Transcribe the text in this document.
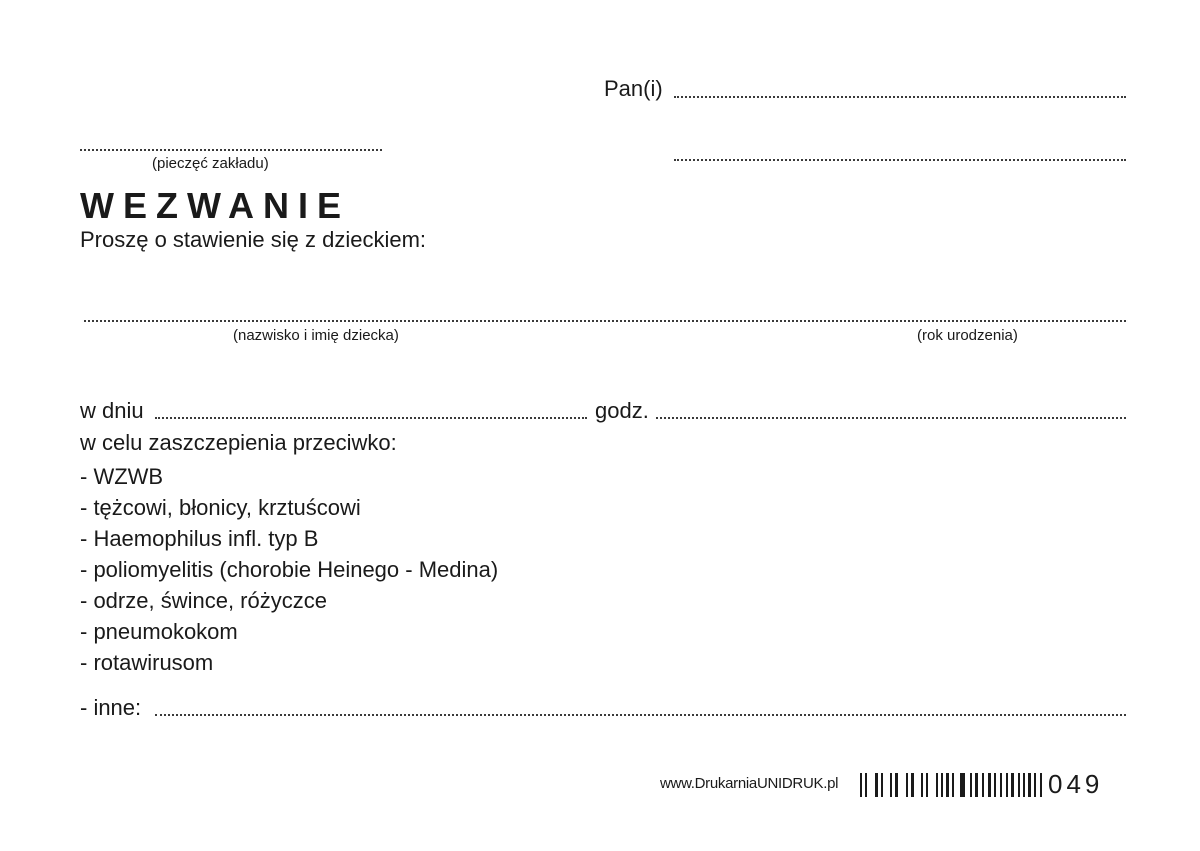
Pan(i)
(pieczęć zakładu)
WEZWANIE
Proszę o stawienie się z dzieckiem:
(nazwisko i imię dziecka)	(rok urodzenia)
w dniu	godz.
w celu zaszczepienia przeciwko:
- WZWB
- tężcowi, błonicy, krztuścowi
- Haemophilus infl. typ B
- poliomyelitis (chorobie Heinego - Medina)
- odrze, śwince, różyczce
- pneumokokom
- rotawirusom
- inne:
www.DrukarniaUNIDRUK.pl	049
